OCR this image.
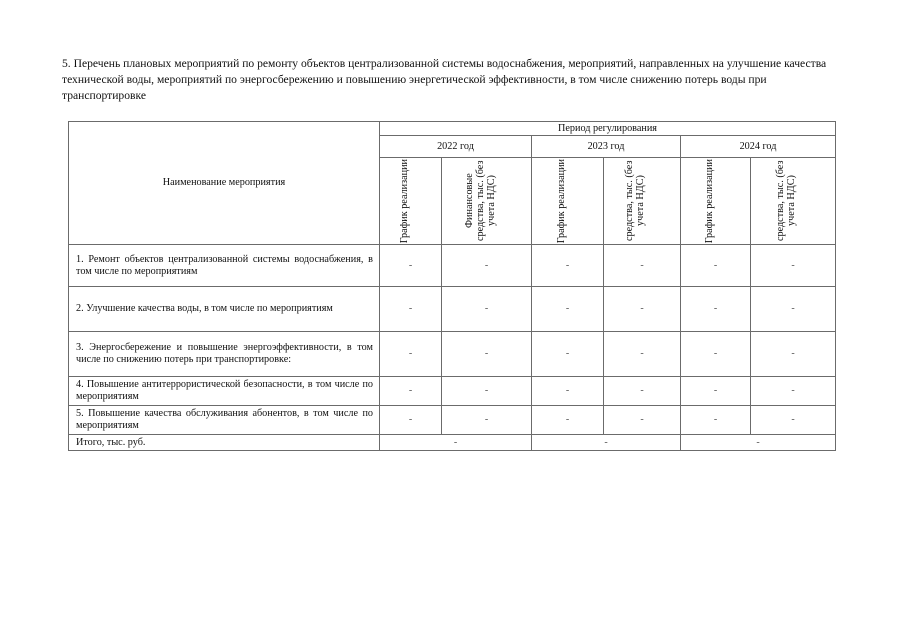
5. Перечень плановых мероприятий по ремонту объектов централизованной системы водоснабжения, мероприятий, направленных на улучшение качества технической воды, мероприятий по энергосбережению и повышению энергетической эффективности, в том числе снижению потерь воды при транспортировке
Наименование мероприятия	Период регулирования					
	2022 год		2023 год		2024 год	

	График реализации	Финансовые средства, тыс. (без учета НДС)	График реализации	средства, тыс. (без учета НДС)	График реализации	средства, тыс. (без учета НДС)

1. Ремонт объектов централизованной системы водоснабжения, в том числе по мероприятиям	-	-	-	-	-	-
2. Улучшение качества воды, в том числе по мероприятиям	-	-	-	-	-	-
3. Энергосбережение и повышение энергоэффективности, в том числе по снижению потерь при транспортировке:	-	-	-	-	-	-
4. Повышение антитеррористической безопасности, в том числе по мероприятиям	-	-	-	-	-	-
5. Повышение качества обслуживания абонентов, в том числе по мероприятиям	-	-	-	-	-	-
Итого, тыс. руб.	-		-		-	
